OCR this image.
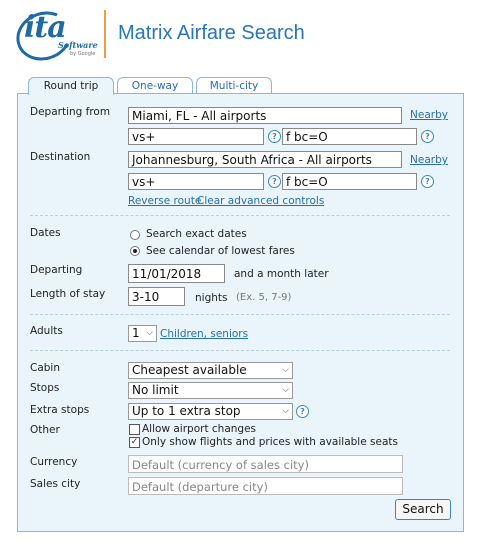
ita
Software
by Google
Matrix Airfare Search
Round trip	One-way	Multi-city
Departing from	Miami, FL - All airports	Nearby
vs+	? f bc=O	?
Destination	Johannesburg, South Africa - All airports	Nearby
vs+	? f bc=O	?
Reverse route
Clear advanced controls
Dates	Search exact dates
See calendar of lowest fares
Departing	11/01/2018	and a month later
Length of stay	3-10	nights (Ex. 5, 7-9)
Adults	1 ⌵ Children, seniors
Cabin	Cheapest available	⌵
Stops	No limit	⌵
Extra stops	Up to 1 extra stop	⌵	?
Other	Allow airport changes
✓ Only show flights and prices with available seats
Currency	Default (currency of sales city)
Sales city	Default (departure city)
Search
